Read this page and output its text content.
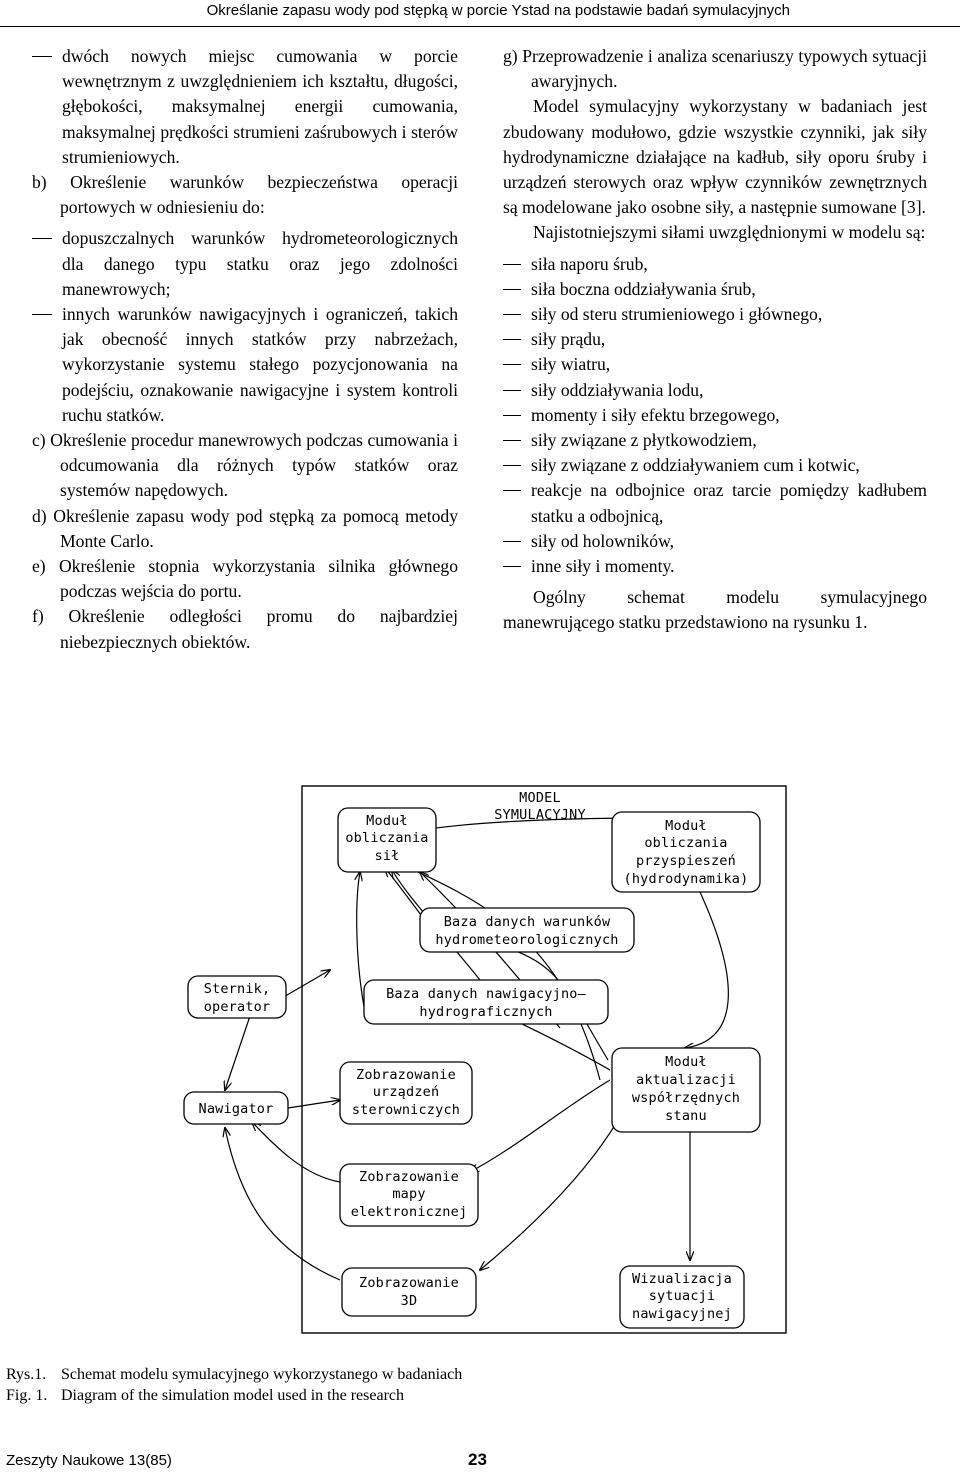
Określanie zapasu wody pod stępką w porcie Ystad na podstawie badań symulacyjnych
dwóch nowych miejsc cumowania w porcie wewnętrznym z uwzględnieniem ich kształtu, długości, głębokości, maksymalnej energii cumowania, maksymalnej prędkości strumieni zaśrubowych i sterów strumieniowych.

b) Określenie warunków bezpieczeństwa operacji portowych w odniesieniu do:

dopuszczalnych warunków hydrometeorologicznych dla danego typu statku oraz jego zdolności manewrowych;
innych warunków nawigacyjnych i ograniczeń, takich jak obecność innych statków przy nabrzeżach, wykorzystanie systemu stałego pozycjonowania na podejściu, oznakowanie nawigacyjne i system kontroli ruchu statków.

c) Określenie procedur manewrowych podczas cumowania i odcumowania dla różnych typów statków oraz systemów napędowych.

d) Określenie zapasu wody pod stępką za pomocą metody Monte Carlo.

e) Określenie stopnia wykorzystania silnika głównego podczas wejścia do portu.

f) Określenie odległości promu do najbardziej niebezpiecznych obiektów.

g) Przeprowadzenie i analiza scenariuszy typowych sytuacji awaryjnych.

Model symulacyjny wykorzystany w badaniach jest zbudowany modułowo, gdzie wszystkie czynniki, jak siły hydrodynamiczne działające na kadłub, siły oporu śruby i urządzeń sterowych oraz wpływ czynników zewnętrznych są modelowane jako osobne siły, a następnie sumowane [3].

Najistotniejszymi siłami uwzględnionymi w modelu są:

siła naporu śrub,
siła boczna oddziaływania śrub,
siły od steru strumieniowego i głównego,
siły prądu,
siły wiatru,
siły oddziaływania lodu,
momenty i siły efektu brzegowego,
siły związane z płytkowodziem,
siły związane z oddziaływaniem cum i kotwic,
reakcje na odbojnice oraz tarcie pomiędzy kadłubem statku a odbojnicą,
siły od holowników,
inne siły i momenty.

Ogólny schemat modelu symulacyjnego manewrującego statku przedstawiono na rysunku 1.

MODEL
SYMULACYJNY
Moduł
obliczania
sił
Moduł
obliczania
przyspieszeń
(hydrodynamika)
Baza danych warunków
hydrometeorologicznych
Baza danych nawigacyjno–
hydrograficznych
Sternik,
operator
Nawigator
Zobrazowanie
urządzeń
sterowniczych
Moduł
aktualizacji
współrzędnych
stanu
Zobrazowanie
mapy
elektronicznej
Zobrazowanie
3D
Wizualizacja
sytuacji
nawigacyjnej
Rys.1. Schemat modelu symulacyjnego wykorzystanego w badaniach
Fig. 1. Diagram of the simulation model used in the research
Zeszyty Naukowe 13(85)	23
